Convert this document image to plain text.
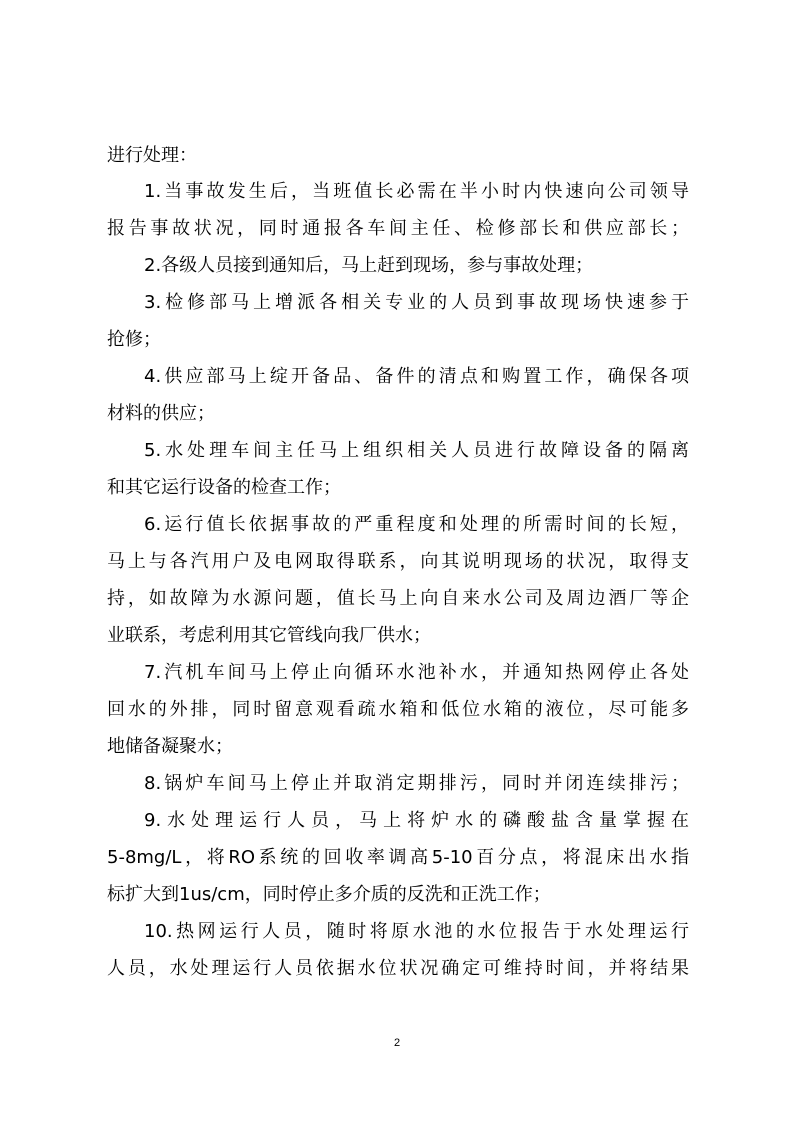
进行处理：
1.当事故发生后，当班值长必需在半小时内快速向公司领导
报告事故状况，同时通报各车间主任、检修部长和供应部长；
2.各级人员接到通知后，马上赶到现场，参与事故处理；
3.检修部马上增派各相关专业的人员到事故现场快速参于
抢修；
4.供应部马上绽开备品、备件的清点和购置工作，确保各项
材料的供应；
5.水处理车间主任马上组织相关人员进行故障设备的隔离
和其它运行设备的检查工作；
6.运行值长依据事故的严重程度和处理的所需时间的长短，
马上与各汽用户及电网取得联系，向其说明现场的状况，取得支
持，如故障为水源问题，值长马上向自来水公司及周边酒厂等企
业联系，考虑利用其它管线向我厂供水；
7.汽机车间马上停止向循环水池补水，并通知热网停止各处
回水的外排，同时留意观看疏水箱和低位水箱的液位，尽可能多
地储备凝聚水；
8.锅炉车间马上停止并取消定期排污，同时并闭连续排污；
9.水处理运行人员，马上将炉水的磷酸盐含量掌握在
5-8mg/L，将RO系统的回收率调高5-10百分点，将混床出水指
标扩大到1us/cm，同时停止多介质的反洗和正洗工作；
10.热网运行人员，随时将原水池的水位报告于水处理运行
人员，水处理运行人员依据水位状况确定可维持时间，并将结果
2
